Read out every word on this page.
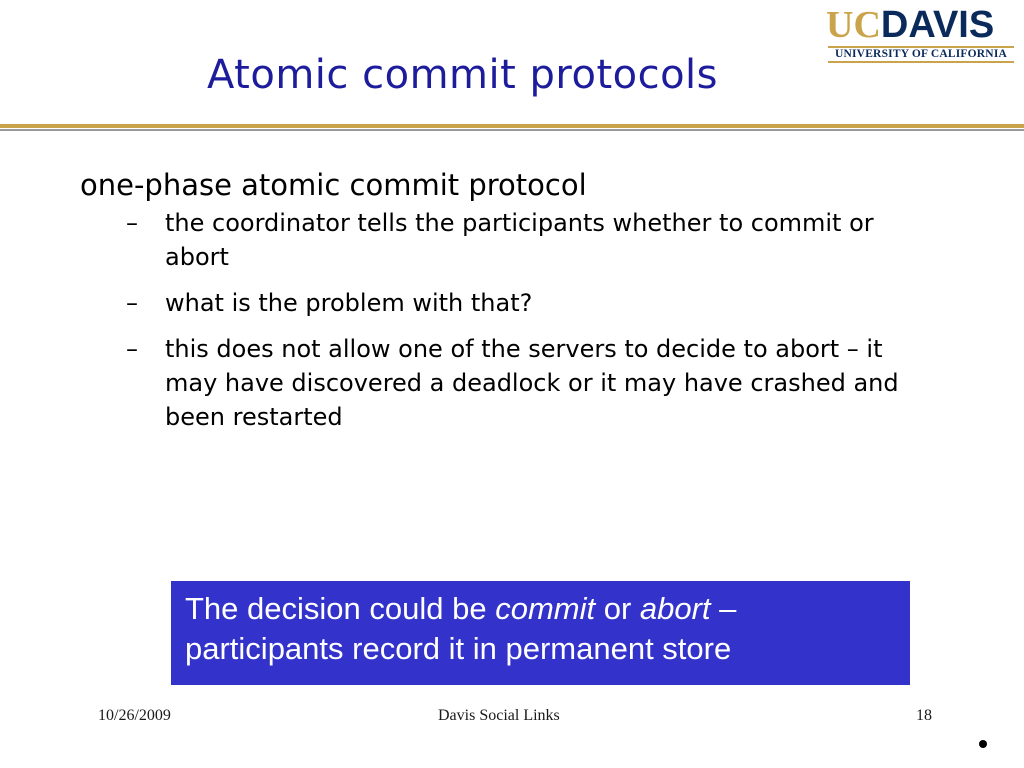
Atomic commit protocols
UCDAVIS
UNIVERSITY OF CALIFORNIA

one-phase atomic commit protocol

– the coordinator tells the participants whether to commit or abort
– what is the problem with that?
– this does not allow one of the servers to decide to abort – it may have discovered a deadlock or it may have crashed and been restarted
The decision could be commit or abort – participants record it in permanent store
10/26/2009	Davis Social Links	18
